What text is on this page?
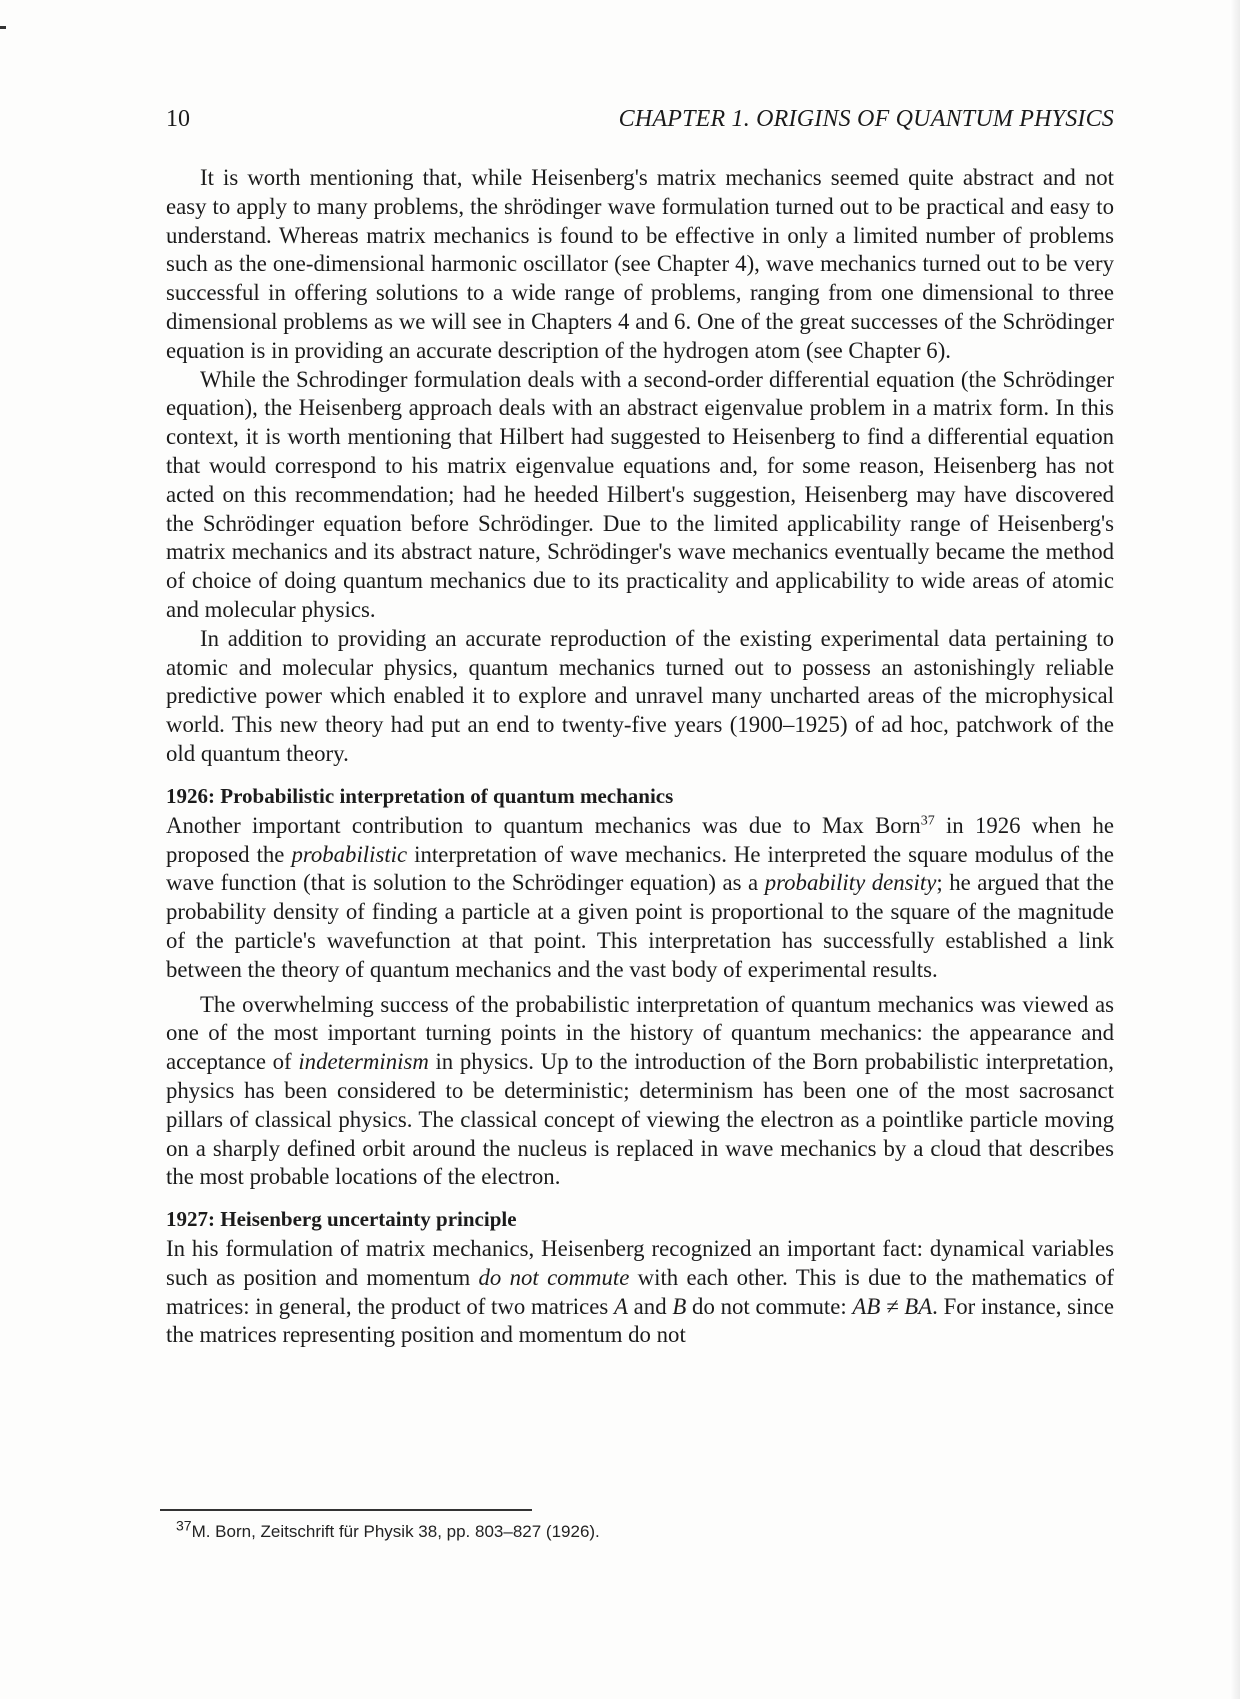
10	CHAPTER 1. ORIGINS OF QUANTUM PHYSICS

It is worth mentioning that, while Heisenberg's matrix mechanics seemed quite abstract and not easy to apply to many problems, the shrödinger wave formulation turned out to be practical and easy to understand. Whereas matrix mechanics is found to be effective in only a limited number of problems such as the one-dimensional harmonic oscillator (see Chapter 4), wave mechanics turned out to be very successful in offering solutions to a wide range of problems, ranging from one dimensional to three dimensional problems as we will see in Chapters 4 and 6. One of the great successes of the Schrödinger equation is in providing an accurate description of the hydrogen atom (see Chapter 6).

While the Schrodinger formulation deals with a second-order differential equation (the Schrödinger equation), the Heisenberg approach deals with an abstract eigenvalue problem in a matrix form. In this context, it is worth mentioning that Hilbert had suggested to Heisenberg to find a differential equation that would correspond to his matrix eigenvalue equations and, for some reason, Heisenberg has not acted on this recommendation; had he heeded Hilbert's suggestion, Heisenberg may have discovered the Schrödinger equation before Schrödinger. Due to the limited applicability range of Heisenberg's matrix mechanics and its abstract nature, Schrödinger's wave mechanics eventually became the method of choice of doing quantum mechanics due to its practicality and applicability to wide areas of atomic and molecular physics.

In addition to providing an accurate reproduction of the existing experimental data pertaining to atomic and molecular physics, quantum mechanics turned out to possess an astonishingly reliable predictive power which enabled it to explore and unravel many uncharted areas of the microphysical world. This new theory had put an end to twenty-five years (1900–1925) of ad hoc, patchwork of the old quantum theory.

1926: Probabilistic interpretation of quantum mechanics

Another important contribution to quantum mechanics was due to Max Born$^{37}$ in 1926 when he proposed the probabilistic interpretation of wave mechanics. He interpreted the square modulus of the wave function (that is solution to the Schrödinger equation) as a probability density; he argued that the probability density of finding a particle at a given point is proportional to the square of the magnitude of the particle's wavefunction at that point. This interpretation has successfully established a link between the theory of quantum mechanics and the vast body of experimental results.

The overwhelming success of the probabilistic interpretation of quantum mechanics was viewed as one of the most important turning points in the history of quantum mechanics: the appearance and acceptance of indeterminism in physics. Up to the introduction of the Born probabilistic interpretation, physics has been considered to be deterministic; determinism has been one of the most sacrosanct pillars of classical physics. The classical concept of viewing the electron as a pointlike particle moving on a sharply defined orbit around the nucleus is replaced in wave mechanics by a cloud that describes the most probable locations of the electron.

1927: Heisenberg uncertainty principle

In his formulation of matrix mechanics, Heisenberg recognized an important fact: dynamical variables such as position and momentum do not commute with each other. This is due to the mathematics of matrices: in general, the product of two matrices A and B do not commute: AB ≠ BA. For instance, since the matrices representing position and momentum do not

$^{37}$M. Born, Zeitschrift für Physik 38, pp. 803–827 (1926).
